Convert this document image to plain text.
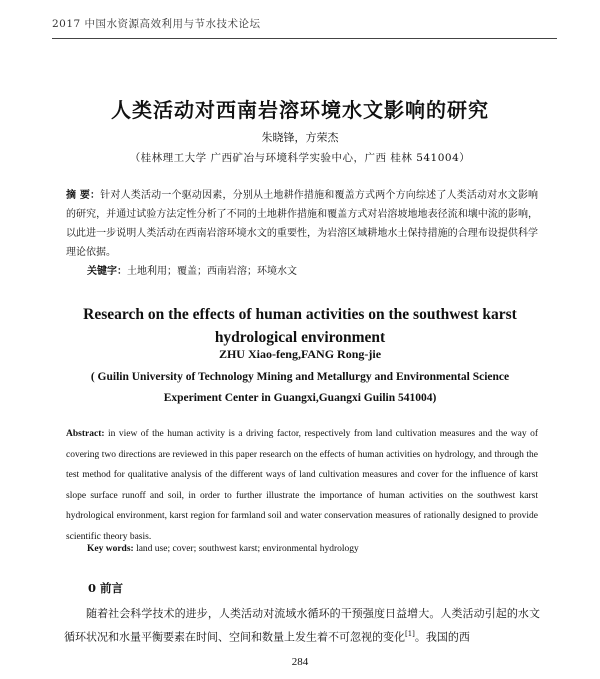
2017 中国水资源高效利用与节水技术论坛
人类活动对西南岩溶环境水文影响的研究
朱晓锋，方荣杰
（桂林理工大学 广西矿冶与环境科学实验中心，广西 桂林 541004）
摘 要：针对人类活动一个驱动因素，分别从土地耕作措施和覆盖方式两个方向综述了人类活动对水文影响的研究，并通过试验方法定性分析了不同的土地耕作措施和覆盖方式对岩溶坡地地表径流和壤中流的影响，以此进一步说明人类活动在西南岩溶环境水文的重要性，为岩溶区域耕地水土保持措施的合理布设提供科学理论依据。
关键字：土地利用；覆盖；西南岩溶；环境水文
Research on the effects of human activities on the southwest karst
hydrological environment
ZHU Xiao-feng,FANG Rong-jie
( Guilin University of Technology Mining and Metallurgy and Environmental Science
Experiment Center in Guangxi,Guangxi Guilin 541004)
Abstract: in view of the human activity is a driving factor, respectively from land cultivation measures and the way of covering two directions are reviewed in this paper research on the effects of human activities on hydrology, and through the test method for qualitative analysis of the different ways of land cultivation measures and cover for the influence of karst slope surface runoff and soil, in order to further illustrate the importance of human activities on the southwest karst hydrological environment, karst region for farmland soil and water conservation measures of rationally designed to provide scientific theory basis.
Key words: land use; cover; southwest karst; environmental hydrology
0 前言
随着社会科学技术的进步，人类活动对流域水循环的干预强度日益增大。人类活动引起的水文循环状况和水量平衡要素在时间、空间和数量上发生着不可忽视的变化[1]。我国的西
284
